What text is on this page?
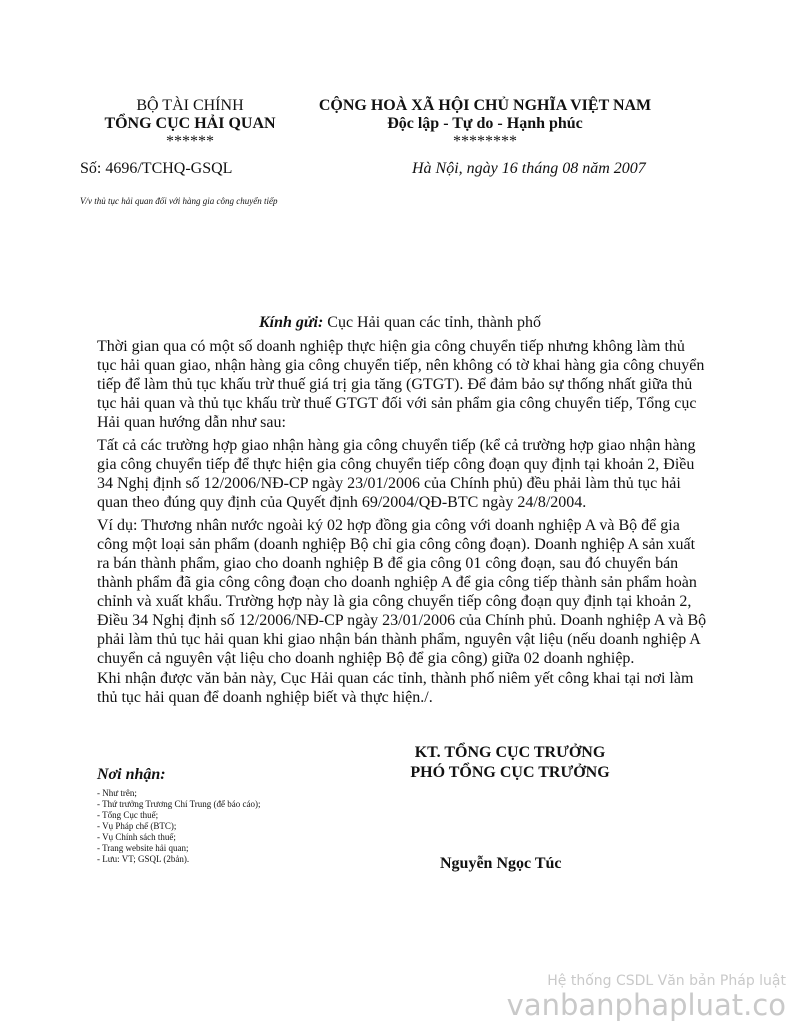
BỘ TÀI CHÍNH
TỔNG CỤC HẢI QUAN
******
CỘNG HOÀ XÃ HỘI CHỦ NGHĨA VIỆT NAM
Độc lập - Tự do - Hạnh phúc
********
Số: 4696/TCHQ-GSQL	Hà Nội, ngày 16 tháng 08 năm 2007
V/v thủ tục hải quan đối với hàng gia công chuyển tiếp
Kính gửi: Cục Hải quan các tỉnh, thành phố
Thời gian qua có một số doanh nghiệp thực hiện gia công chuyển tiếp nhưng không làm thủ tục hải quan giao, nhận hàng gia công chuyển tiếp, nên không có tờ khai hàng gia công chuyển tiếp để làm thủ tục khấu trừ thuế giá trị gia tăng (GTGT). Để đảm bảo sự thống nhất giữa thủ tục hải quan và thủ tục khấu trừ thuế GTGT đối với sản phẩm gia công chuyển tiếp, Tổng cục Hải quan hướng dẫn như sau:
Tất cả các trường hợp giao nhận hàng gia công chuyển tiếp (kể cả trường hợp giao nhận hàng gia công chuyển tiếp để thực hiện gia công chuyển tiếp công đoạn quy định tại khoản 2, Điều 34 Nghị định số 12/2006/NĐ-CP ngày 23/01/2006 của Chính phủ) đều phải làm thủ tục hải quan theo đúng quy định của Quyết định 69/2004/QĐ-BTC ngày 24/8/2004.
Ví dụ: Thương nhân nước ngoài ký 02 hợp đồng gia công với doanh nghiệp A và Bộ để gia công một loại sản phẩm (doanh nghiệp Bộ chỉ gia công công đoạn). Doanh nghiệp A sản xuất ra bán thành phẩm, giao cho doanh nghiệp B để gia công 01 công đoạn, sau đó chuyển bán thành phẩm đã gia công công đoạn cho doanh nghiệp A để gia công tiếp thành sản phẩm hoàn chỉnh và xuất khẩu. Trường hợp này là gia công chuyển tiếp công đoạn quy định tại khoản 2, Điều 34 Nghị định số 12/2006/NĐ-CP ngày 23/01/2006 của Chính phủ. Doanh nghiệp A và Bộ phải làm thủ tục hải quan khi giao nhận bán thành phẩm, nguyên vật liệu (nếu doanh nghiệp A chuyển cả nguyên vật liệu cho doanh nghiệp Bộ để gia công) giữa 02 doanh nghiệp.
Khi nhận được văn bản này, Cục Hải quan các tỉnh, thành phố niêm yết công khai tại nơi làm thủ tục hải quan để doanh nghiệp biết và thực hiện./.
KT. TỔNG CỤC TRƯỞNG
PHÓ TỔNG CỤC TRƯỞNG
Nguyễn Ngọc Túc
Nơi nhận:
- Như trên;
- Thứ trưởng Trương Chí Trung (để báo cáo);
- Tổng Cục thuế;
- Vụ Pháp chế (BTC);
- Vụ Chính sách thuế;
- Trang website hải quan;
- Lưu: VT; GSQL (2bản).
Hệ thống CSDL Văn bản Pháp luật
vanbanphapluat.co
